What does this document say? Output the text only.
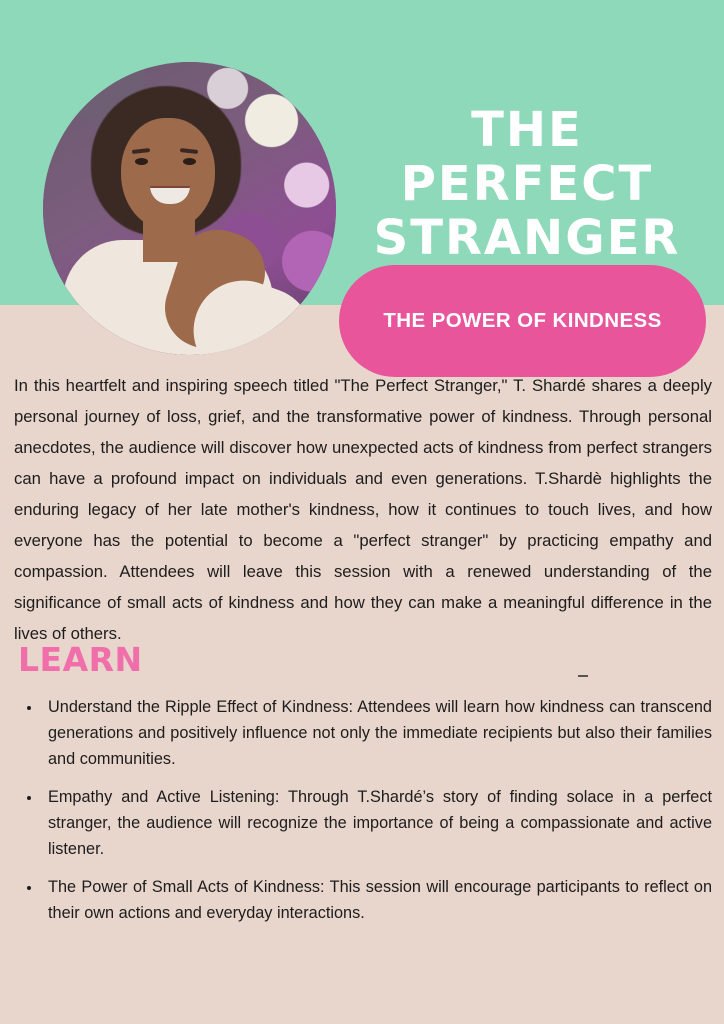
THE PERFECT STRANGER
THE POWER OF KINDNESS

In this heartfelt and inspiring speech titled "The Perfect Stranger," T. Shardé shares a deeply personal journey of loss, grief, and the transformative power of kindness. Through personal anecdotes, the audience will discover how unexpected acts of kindness from perfect strangers can have a profound impact on individuals and even generations. T.Shardè highlights the enduring legacy of her late mother's kindness, how it continues to touch lives, and how everyone has the potential to become a "perfect stranger" by practicing empathy and compassion. Attendees will leave this session with a renewed understanding of the significance of small acts of kindness and how they can make a meaningful difference in the lives of others.

LEARN
• Understand the Ripple Effect of Kindness: Attendees will learn how kindness can transcend generations and positively influence not only the immediate recipients but also their families and communities.
• Empathy and Active Listening: Through T.Shardé’s story of finding solace in a perfect stranger, the audience will recognize the importance of being a compassionate and active listener.
• The Power of Small Acts of Kindness: This session will encourage participants to reflect on their own actions and everyday interactions.
